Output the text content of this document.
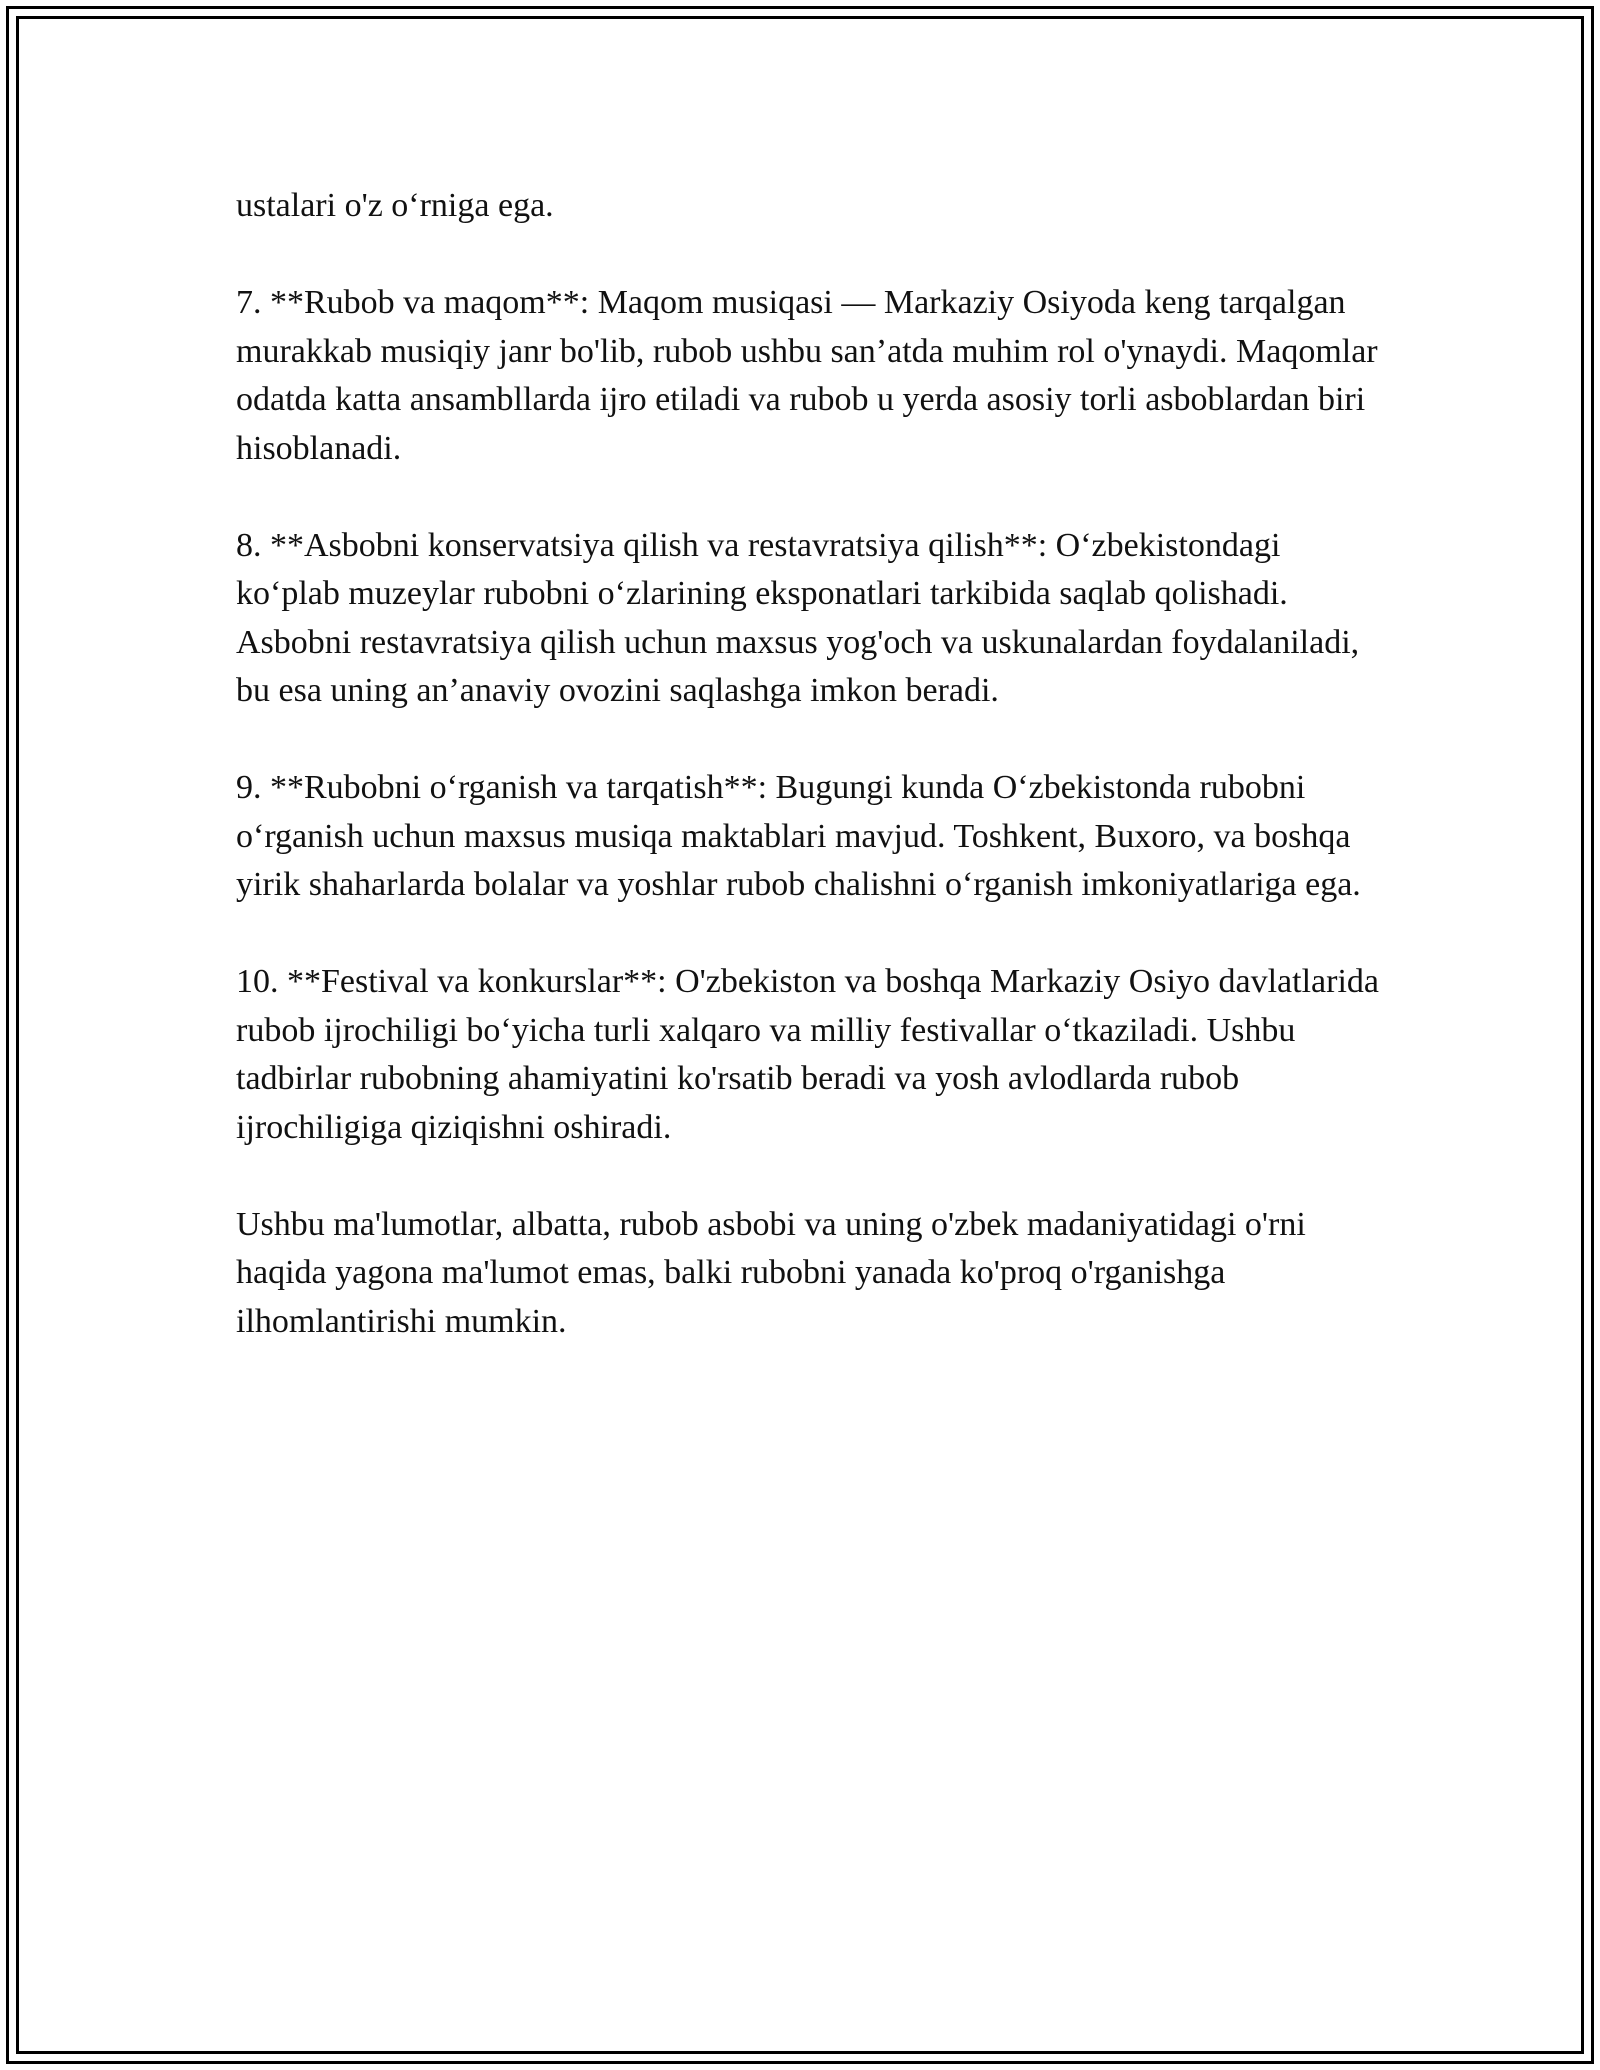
ustalari o'z o‘rniga ega.

7. **Rubob va maqom**: Maqom musiqasi — Markaziy Osiyoda keng tarqalgan murakkab musiqiy janr bo'lib, rubob ushbu san’atda muhim rol o'ynaydi. Maqomlar odatda katta ansambllarda ijro etiladi va rubob u yerda asosiy torli asboblardan biri hisoblanadi.

8. **Asbobni konservatsiya qilish va restavratsiya qilish**: O‘zbekistondagi ko‘plab muzeylar rubobni o‘zlarining eksponatlari tarkibida saqlab qolishadi. Asbobni restavratsiya qilish uchun maxsus yog'och va uskunalardan foydalaniladi, bu esa uning an’anaviy ovozini saqlashga imkon beradi.

9. **Rubobni o‘rganish va tarqatish**: Bugungi kunda O‘zbekistonda rubobni o‘rganish uchun maxsus musiqa maktablari mavjud. Toshkent, Buxoro, va boshqa yirik shaharlarda bolalar va yoshlar rubob chalishni o‘rganish imkoniyatlariga ega.

10. **Festival va konkurslar**: O'zbekiston va boshqa Markaziy Osiyo davlatlarida rubob ijrochiligi bo‘yicha turli xalqaro va milliy festivallar o‘tkaziladi. Ushbu tadbirlar rubobning ahamiyatini ko'rsatib beradi va yosh avlodlarda rubob ijrochiligiga qiziqishni oshiradi.

Ushbu ma'lumotlar, albatta, rubob asbobi va uning o'zbek madaniyatidagi o'rni haqida yagona ma'lumot emas, balki rubobni yanada ko'proq o'rganishga ilhomlantirishi mumkin.
